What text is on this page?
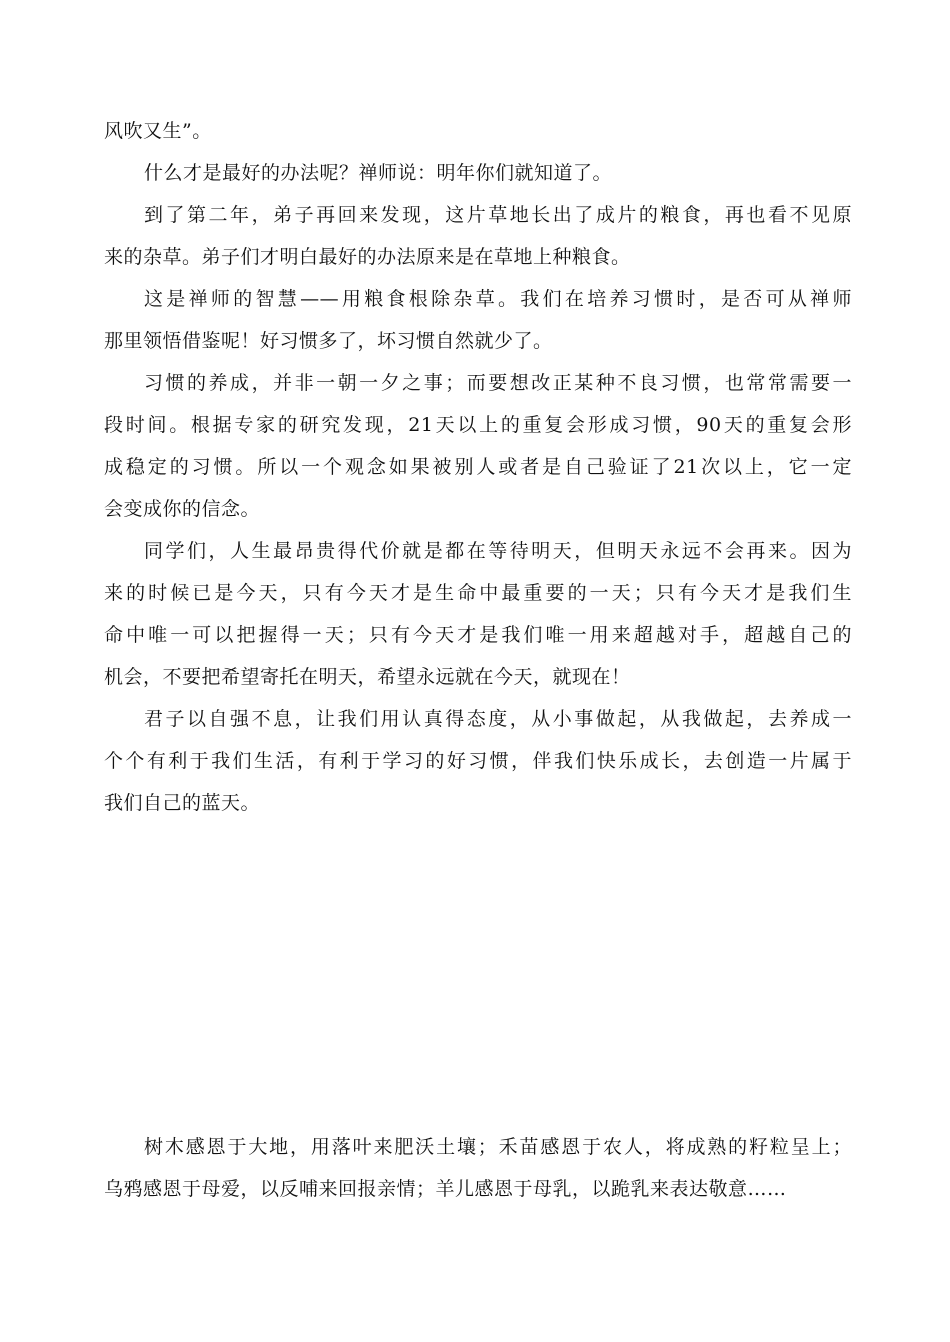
风吹又生”。
什么才是最好的办法呢？禅师说：明年你们就知道了。
到了第二年，弟子再回来发现，这片草地长出了成片的粮食，再也看不见原
来的杂草。弟子们才明白最好的办法原来是在草地上种粮食。
这是禅师的智慧——用粮食根除杂草。我们在培养习惯时，是否可从禅师
那里领悟借鉴呢！好习惯多了，坏习惯自然就少了。
习惯的养成，并非一朝一夕之事；而要想改正某种不良习惯，也常常需要一
段时间。根据专家的研究发现，21天以上的重复会形成习惯，90天的重复会形
成稳定的习惯。所以一个观念如果被别人或者是自己验证了21次以上，它一定
会变成你的信念。
同学们，人生最昂贵得代价就是都在等待明天，但明天永远不会再来。因为
来的时候已是今天，只有今天才是生命中最重要的一天；只有今天才是我们生
命中唯一可以把握得一天；只有今天才是我们唯一用来超越对手，超越自己的
机会，不要把希望寄托在明天，希望永远就在今天，就现在！
君子以自强不息，让我们用认真得态度，从小事做起，从我做起，去养成一
个个有利于我们生活，有利于学习的好习惯，伴我们快乐成长，去创造一片属于
我们自己的蓝天。
树木感恩于大地，用落叶来肥沃土壤；禾苗感恩于农人，将成熟的籽粒呈上；
乌鸦感恩于母爱，以反哺来回报亲情；羊儿感恩于母乳，以跪乳来表达敬意……
